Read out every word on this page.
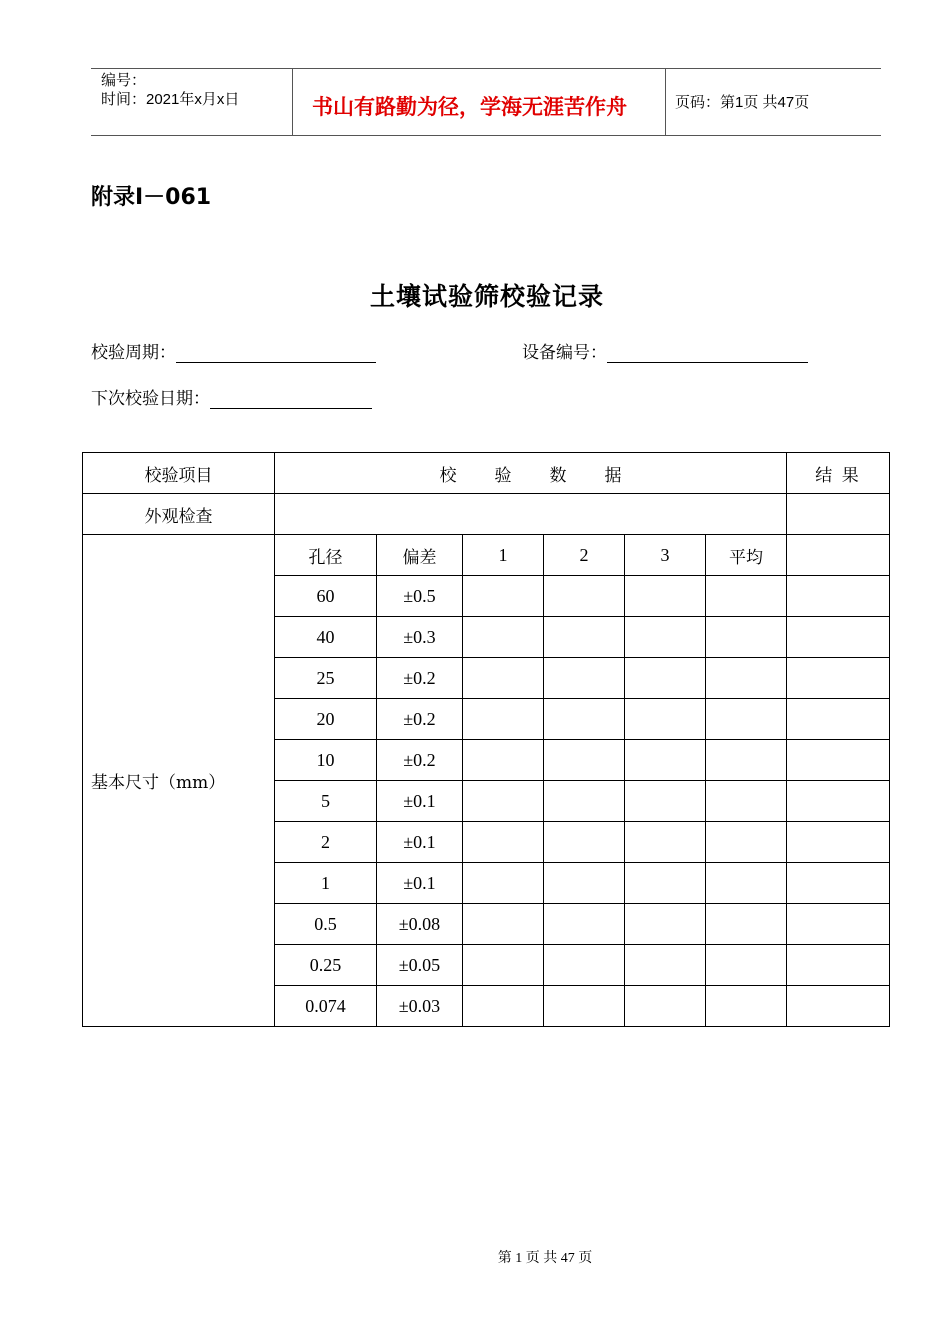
编号：
时间：2021年x月x日	书山有路勤为径，学海无涯苦作舟	页码：第1页 共47页
附录Ⅰ－061
土壤试验筛校验记录
校验周期：	设备编号：
下次校验日期：
校验项目	校验数据						结 果
外观检查							
基本尺寸（mm）	孔径	偏差	1	2	3	平均	
	60	±0.5					
	40	±0.3					
	25	±0.2					
	20	±0.2					
	10	±0.2					
	5	±0.1					
	2	±0.1					
	1	±0.1					
	0.5	±0.08					
	0.25	±0.05					
	0.074	±0.03					
第 1 页 共 47 页
